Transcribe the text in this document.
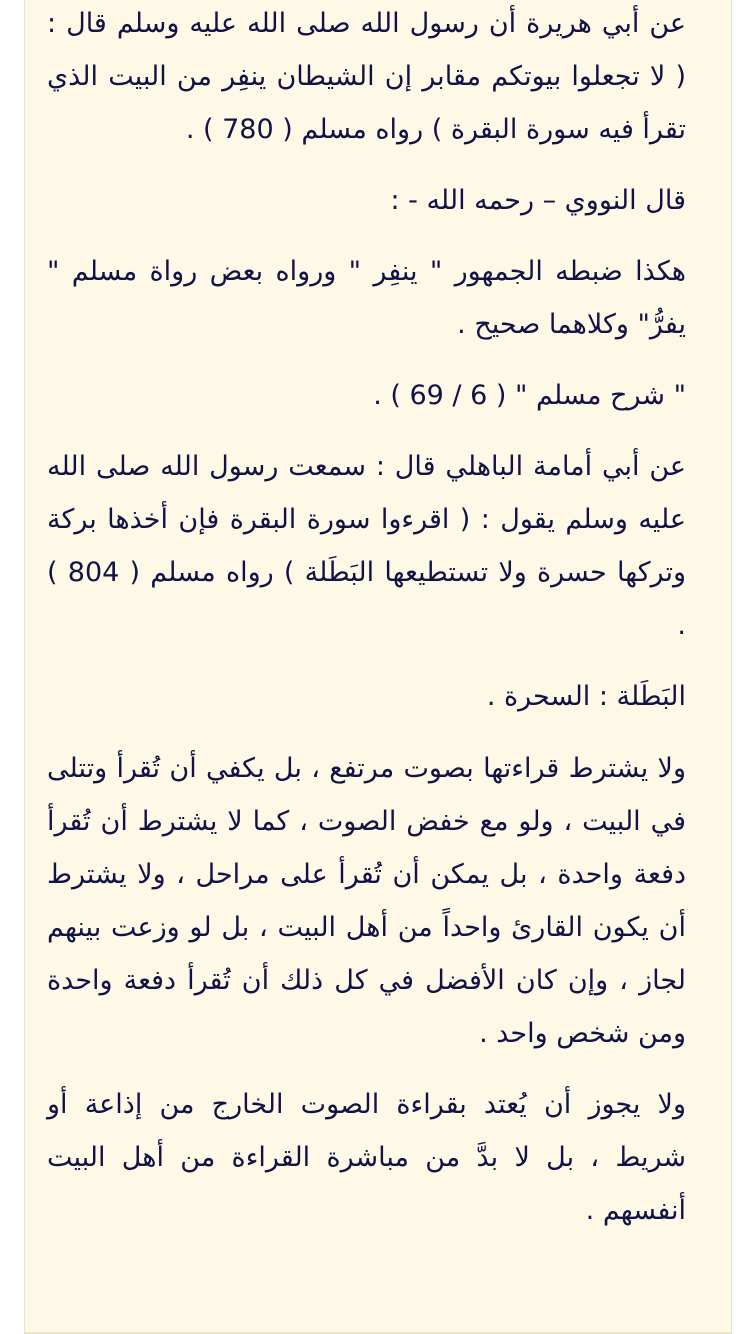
عن أبي هريرة أن رسول الله صلى الله عليه وسلم قال : ( لا تجعلوا بيوتكم مقابر إن الشيطان ينفِر من البيت الذي تقرأ فيه سورة البقرة ) رواه مسلم ( 780 ) .

قال النووي – رحمه الله - :

هكذا ضبطه الجمهور " ينفِر " ورواه بعض رواة مسلم " يفرُّ" وكلاهما صحيح .

" شرح مسلم " ( 6 / 69 ) .

عن أبي أمامة الباهلي قال : سمعت رسول الله صلى الله عليه وسلم يقول : ( اقرءوا سورة البقرة فإن أخذها بركة وتركها حسرة ولا تستطيعها البَطَلة ) رواه مسلم ( 804 ) .

البَطَلة : السحرة .

ولا يشترط قراءتها بصوت مرتفع ، بل يكفي أن تُقرأ وتتلى في البيت ، ولو مع خفض الصوت ، كما لا يشترط أن تُقرأ دفعة واحدة ، بل يمكن أن تُقرأ على مراحل ، ولا يشترط أن يكون القارئ واحداً من أهل البيت ، بل لو وزعت بينهم لجاز ، وإن كان الأفضل في كل ذلك أن تُقرأ دفعة واحدة ومن شخص واحد .

ولا يجوز أن يُعتد بقراءة الصوت الخارج من إذاعة أو شريط ، بل لا بدَّ من مباشرة القراءة من أهل البيت أنفسهم .
